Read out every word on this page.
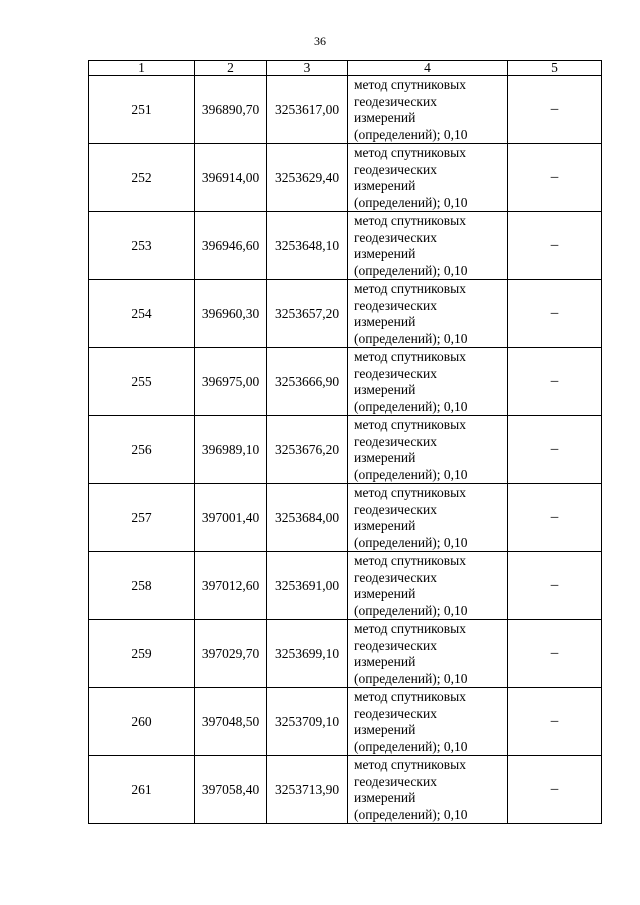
36
1	2	3	4	5
251	396890,70	3253617,00	метод спутниковых
геодезических
измерений
(определений); 0,10	–
252	396914,00	3253629,40	метод спутниковых
геодезических
измерений
(определений); 0,10	–
253	396946,60	3253648,10	метод спутниковых
геодезических
измерений
(определений); 0,10	–
254	396960,30	3253657,20	метод спутниковых
геодезических
измерений
(определений); 0,10	–
255	396975,00	3253666,90	метод спутниковых
геодезических
измерений
(определений); 0,10	–
256	396989,10	3253676,20	метод спутниковых
геодезических
измерений
(определений); 0,10	–
257	397001,40	3253684,00	метод спутниковых
геодезических
измерений
(определений); 0,10	–
258	397012,60	3253691,00	метод спутниковых
геодезических
измерений
(определений); 0,10	–
259	397029,70	3253699,10	метод спутниковых
геодезических
измерений
(определений); 0,10	–
260	397048,50	3253709,10	метод спутниковых
геодезических
измерений
(определений); 0,10	–
261	397058,40	3253713,90	метод спутниковых
геодезических
измерений
(определений); 0,10	–
